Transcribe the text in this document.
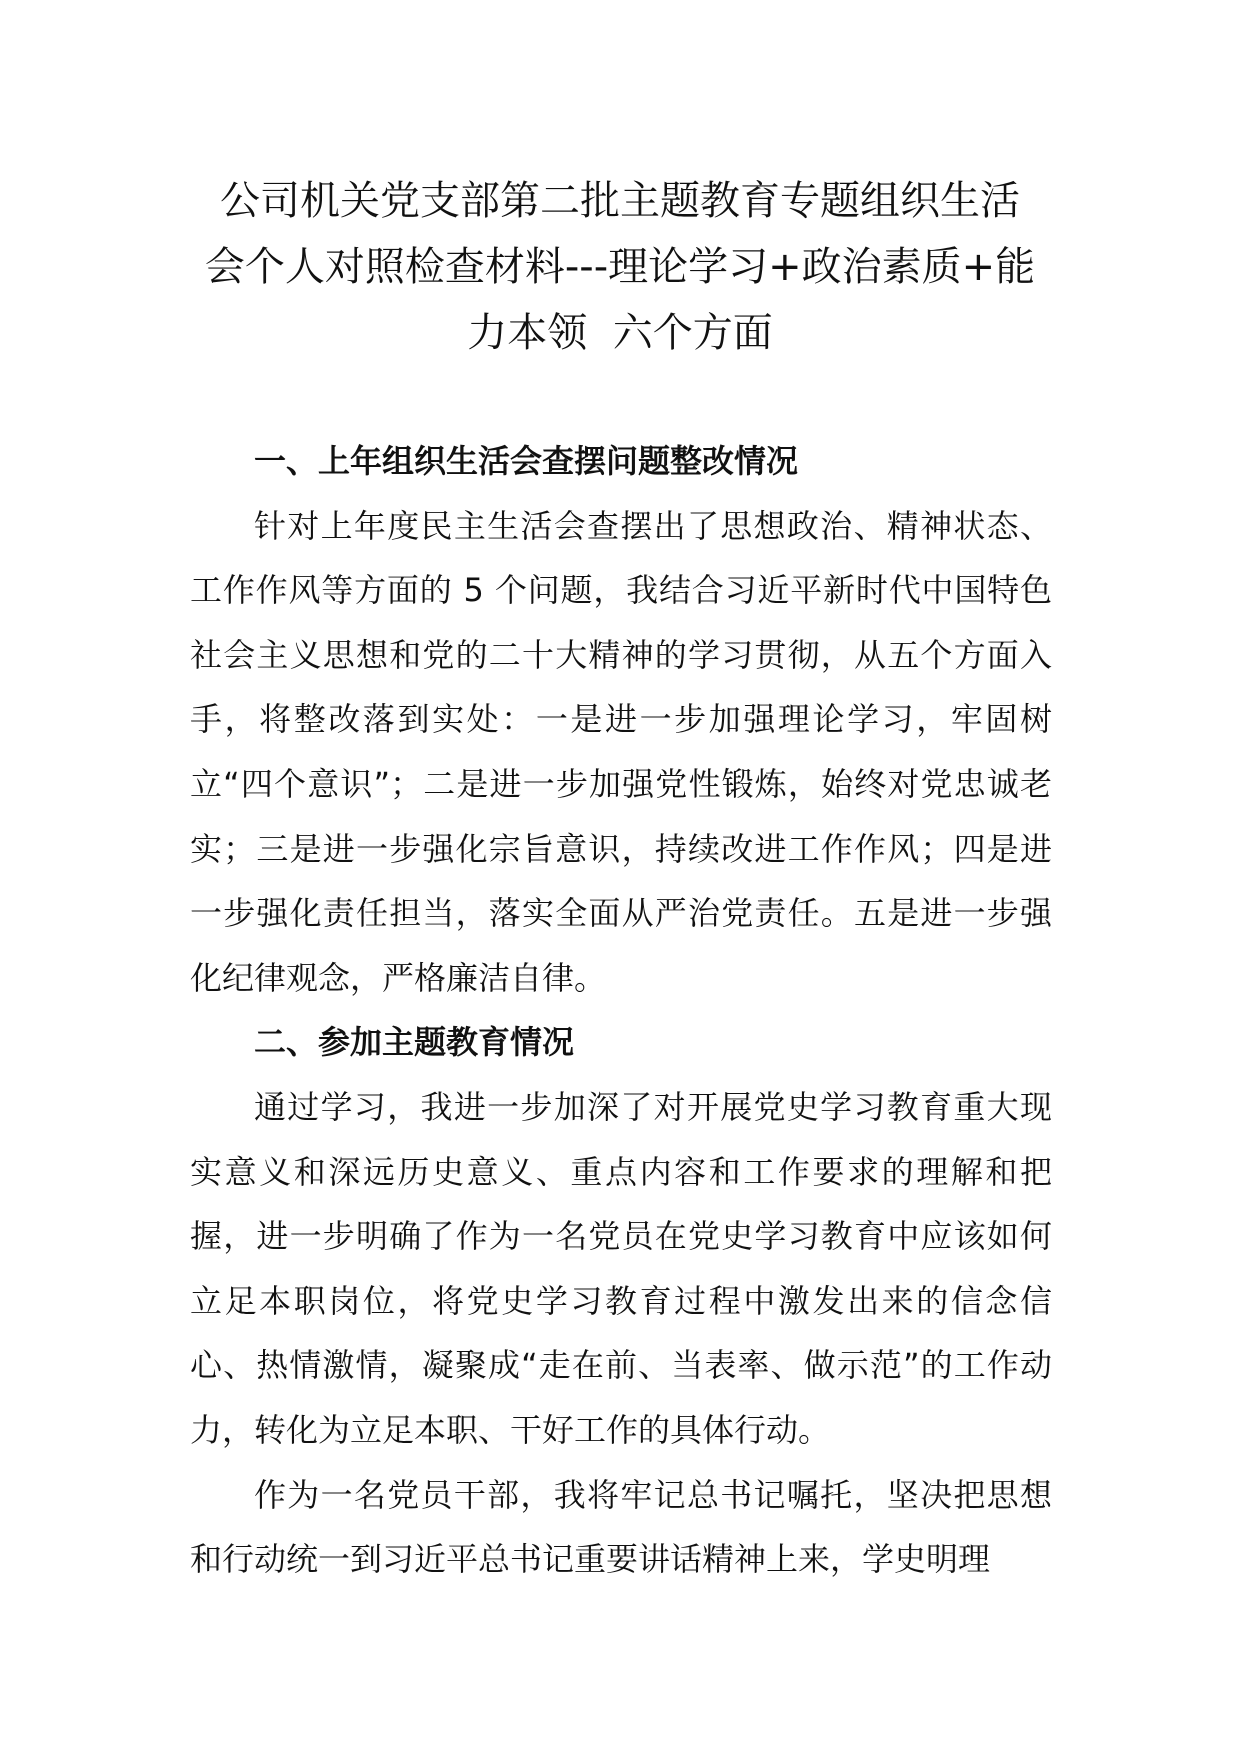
公司机关党支部第二批主题教育专题组织生活
会个人对照检查材料---理论学习+政治素质+能
力本领  六个方面
一、上年组织生活会查摆问题整改情况

针对上年度民主生活会查摆出了思想政治、精神状态、工作作风等方面的 5 个问题，我结合习近平新时代中国特色社会主义思想和党的二十大精神的学习贯彻，从五个方面入手，将整改落到实处：一是进一步加强理论学习，牢固树立“四个意识”；二是进一步加强党性锻炼，始终对党忠诚老实；三是进一步强化宗旨意识，持续改进工作作风；四是进一步强化责任担当，落实全面从严治党责任。五是进一步强化纪律观念，严格廉洁自律。

二、参加主题教育情况

通过学习，我进一步加深了对开展党史学习教育重大现实意义和深远历史意义、重点内容和工作要求的理解和把握，进一步明确了作为一名党员在党史学习教育中应该如何立足本职岗位，将党史学习教育过程中激发出来的信念信心、热情激情，凝聚成“走在前、当表率、做示范”的工作动力，转化为立足本职、干好工作的具体行动。

作为一名党员干部，我将牢记总书记嘱托，坚决把思想和行动统一到习近平总书记重要讲话精神上来，学史明理
